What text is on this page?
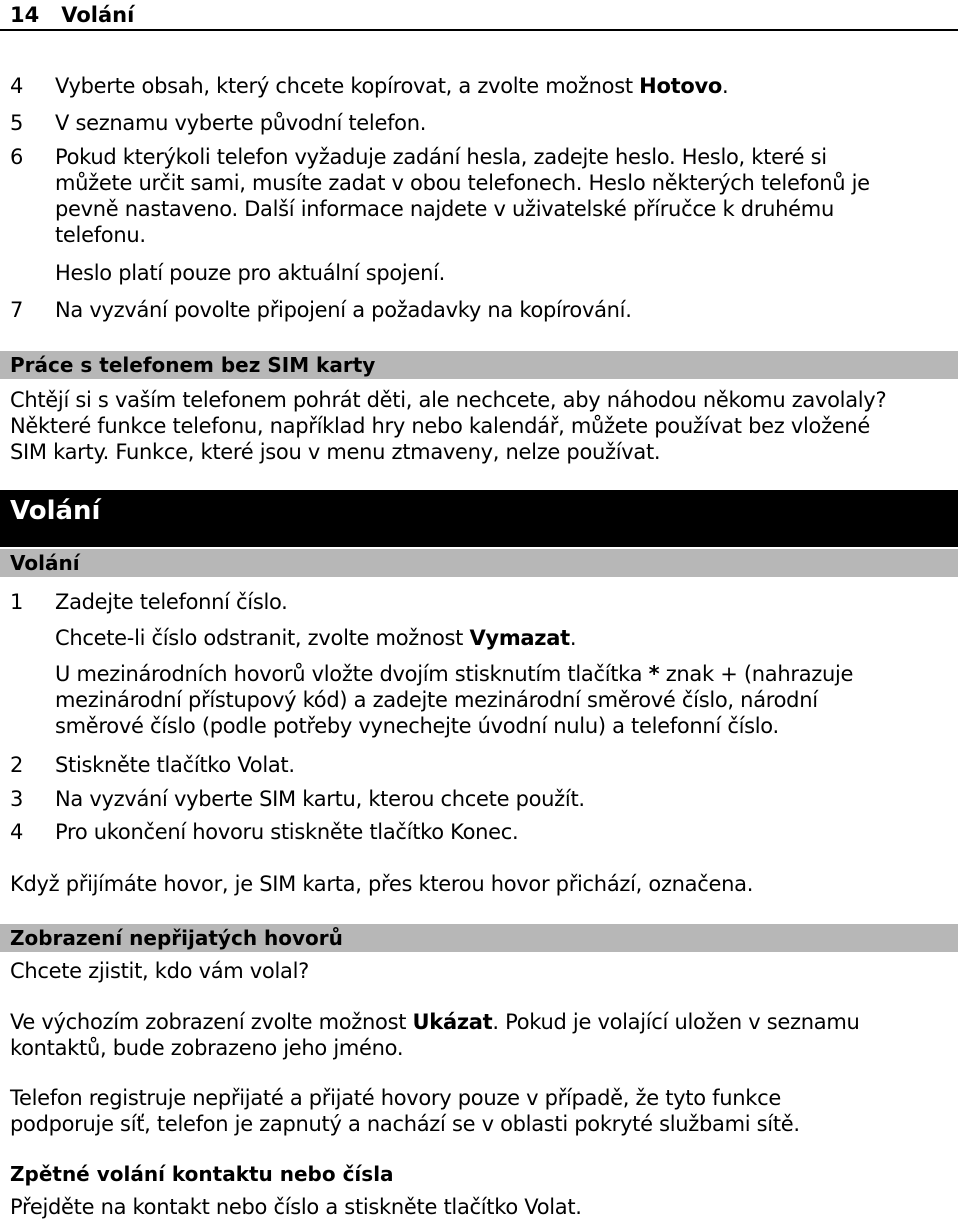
14 Volání
4 Vyberte obsah, který chcete kopírovat, a zvolte možnost Hotovo.
5 V seznamu vyberte původní telefon.
6 Pokud kterýkoli telefon vyžaduje zadání hesla, zadejte heslo. Heslo, které si
můžete určit sami, musíte zadat v obou telefonech. Heslo některých telefonů je
pevně nastaveno. Další informace najdete v uživatelské příručce k druhému
telefonu.
Heslo platí pouze pro aktuální spojení.
7 Na vyzvání povolte připojení a požadavky na kopírování.
Práce s telefonem bez SIM karty
Chtějí si s vaším telefonem pohrát děti, ale nechcete, aby náhodou někomu zavolaly?
Některé funkce telefonu, například hry nebo kalendář, můžete používat bez vložené
SIM karty. Funkce, které jsou v menu ztmaveny, nelze používat.
Volání
Volání
1 Zadejte telefonní číslo.
Chcete-li číslo odstranit, zvolte možnost Vymazat.
U mezinárodních hovorů vložte dvojím stisknutím tlačítka * znak + (nahrazuje
mezinárodní přístupový kód) a zadejte mezinárodní směrové číslo, národní
směrové číslo (podle potřeby vynechejte úvodní nulu) a telefonní číslo.
2 Stiskněte tlačítko Volat.
3 Na vyzvání vyberte SIM kartu, kterou chcete použít.
4 Pro ukončení hovoru stiskněte tlačítko Konec.
Když přijímáte hovor, je SIM karta, přes kterou hovor přichází, označena.
Zobrazení nepřijatých hovorů
Chcete zjistit, kdo vám volal?
Ve výchozím zobrazení zvolte možnost Ukázat. Pokud je volající uložen v seznamu
kontaktů, bude zobrazeno jeho jméno.
Telefon registruje nepřijaté a přijaté hovory pouze v případě, že tyto funkce
podporuje síť, telefon je zapnutý a nachází se v oblasti pokryté službami sítě.
Zpětné volání kontaktu nebo čísla
Přejděte na kontakt nebo číslo a stiskněte tlačítko Volat.
